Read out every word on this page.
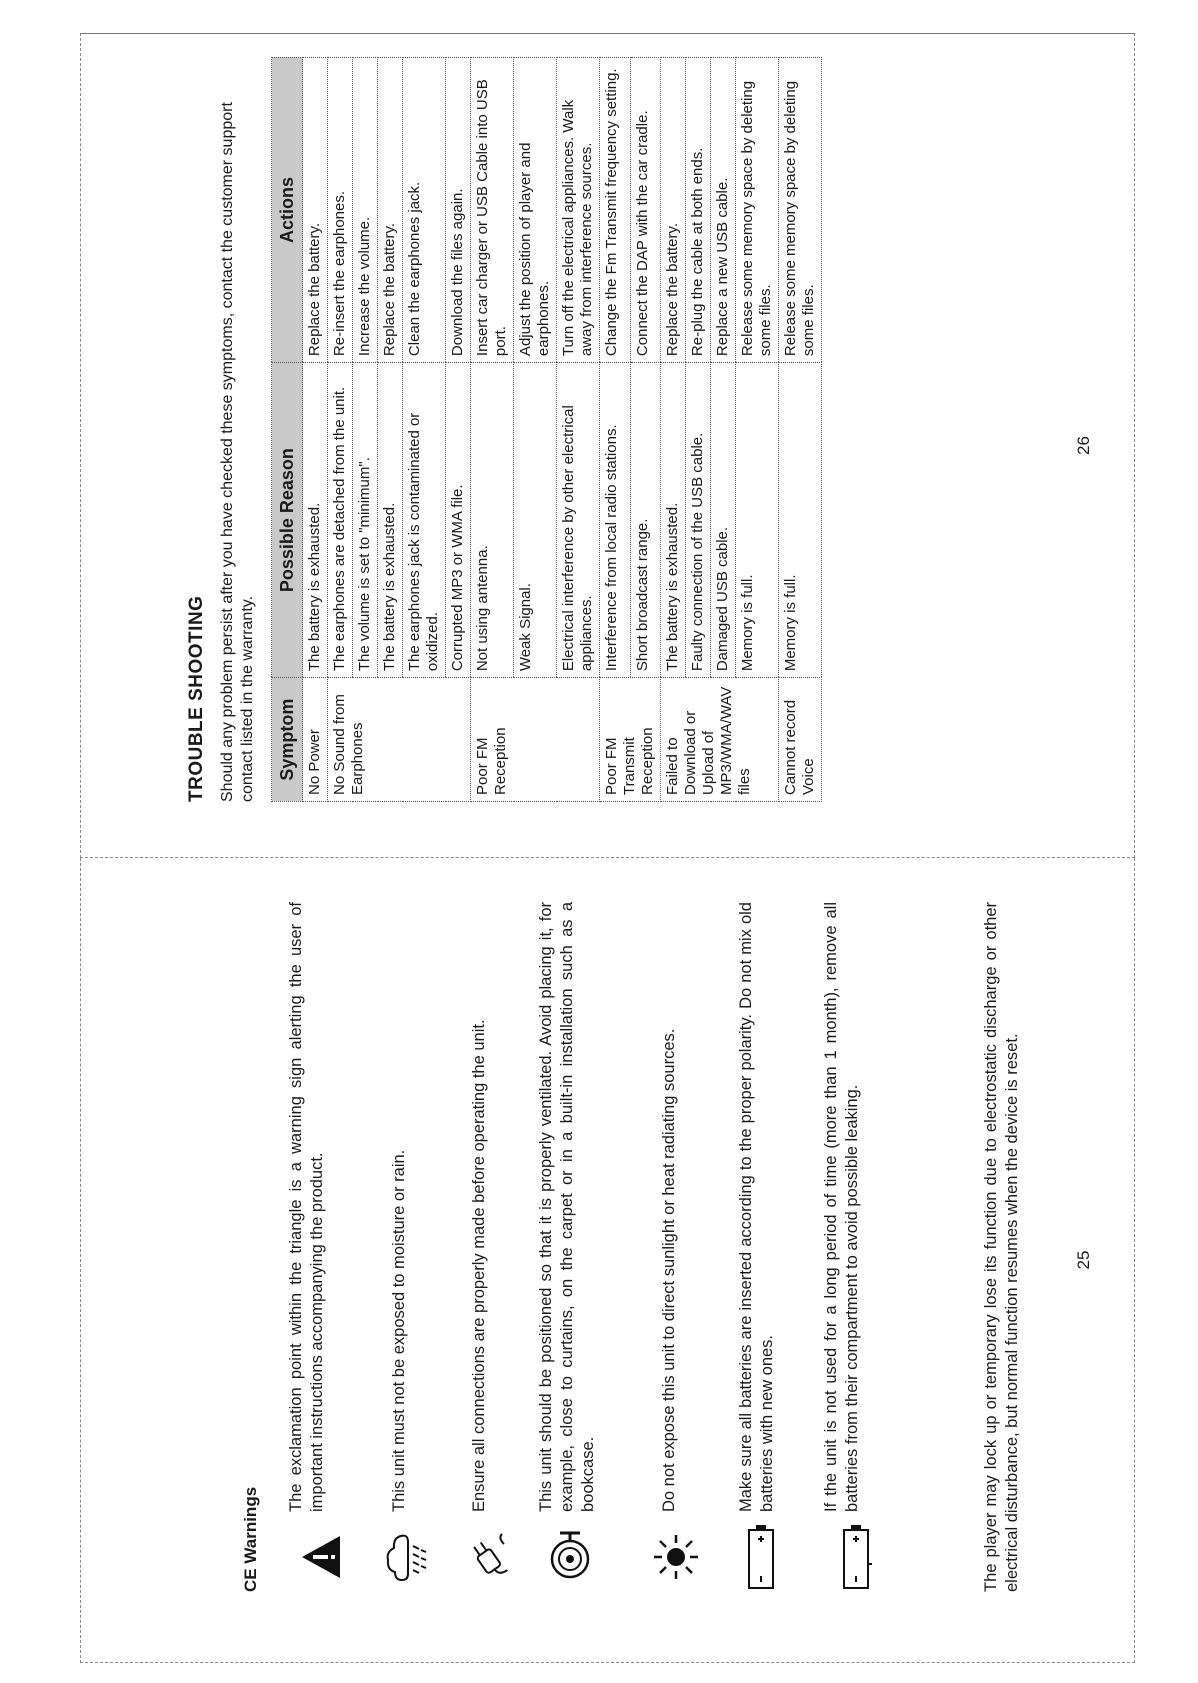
CE Warnings
The exclamation point within the triangle is a warning sign alerting the user of important instructions accompanying the product.	This unit must not be exposed to moisture or rain.	Ensure all connections are properly made before operating the unit.	This unit should be positioned so that it is properly ventilated. Avoid placing it, for example, close to curtains, on the carpet or in a built-in installation such as a bookcase.	Do not expose this unit to direct sunlight or heat radiating sources.	Make sure all batteries are inserted according to the proper polarity. Do not mix old batteries with new ones.	If the unit is not used for a long period of time (more than 1 month), remove all batteries from their compartment to avoid possible leaking.	The player may lock up or temporary lose its function due to electrostatic discharge or other electrical disturbance, but normal function resumes when the device is reset.	25
TROUBLE SHOOTING Should any problem persist after you have checked these symptoms, contact the customer support contact listed in the warranty. Symptom	Possible Reason	Actions
No Power	The battery is exhausted.	Replace the battery.
No Sound from Earphones	The earphones are detached from the unit.	Re-insert the earphones.
	The volume is set to "minimum".	Increase the volume.
	The battery is exhausted.	Replace the battery.
	The earphones jack is contaminated or oxidized.	Clean the earphones jack.
	Corrupted MP3 or WMA file.	Download the files again.
Poor FM Reception	Not using antenna.	Insert car charger or USB Cable into USB port.
	Weak Signal.	Adjust the position of player and earphones.
	Electrical interference by other electrical appliances.	Turn off the electrical appliances. Walk away from interference sources.
Poor FM Transmit Reception	Interference from local radio stations.	Change the Fm Transmit frequency setting.
	Short broadcast range.	Connect the DAP with the car cradle.
Failed to Download or Upload of MP3/WMA/WAV files	The battery is exhausted.	Replace the battery.
	Faulty connection of the USB cable.	Re-plug the cable at both ends.
	Damaged USB cable.	Replace a new USB cable.
	Memory is full.	Release some memory space by deleting some files.
Cannot record Voice	Memory is full.	Release some memory space by deleting some files.
26
